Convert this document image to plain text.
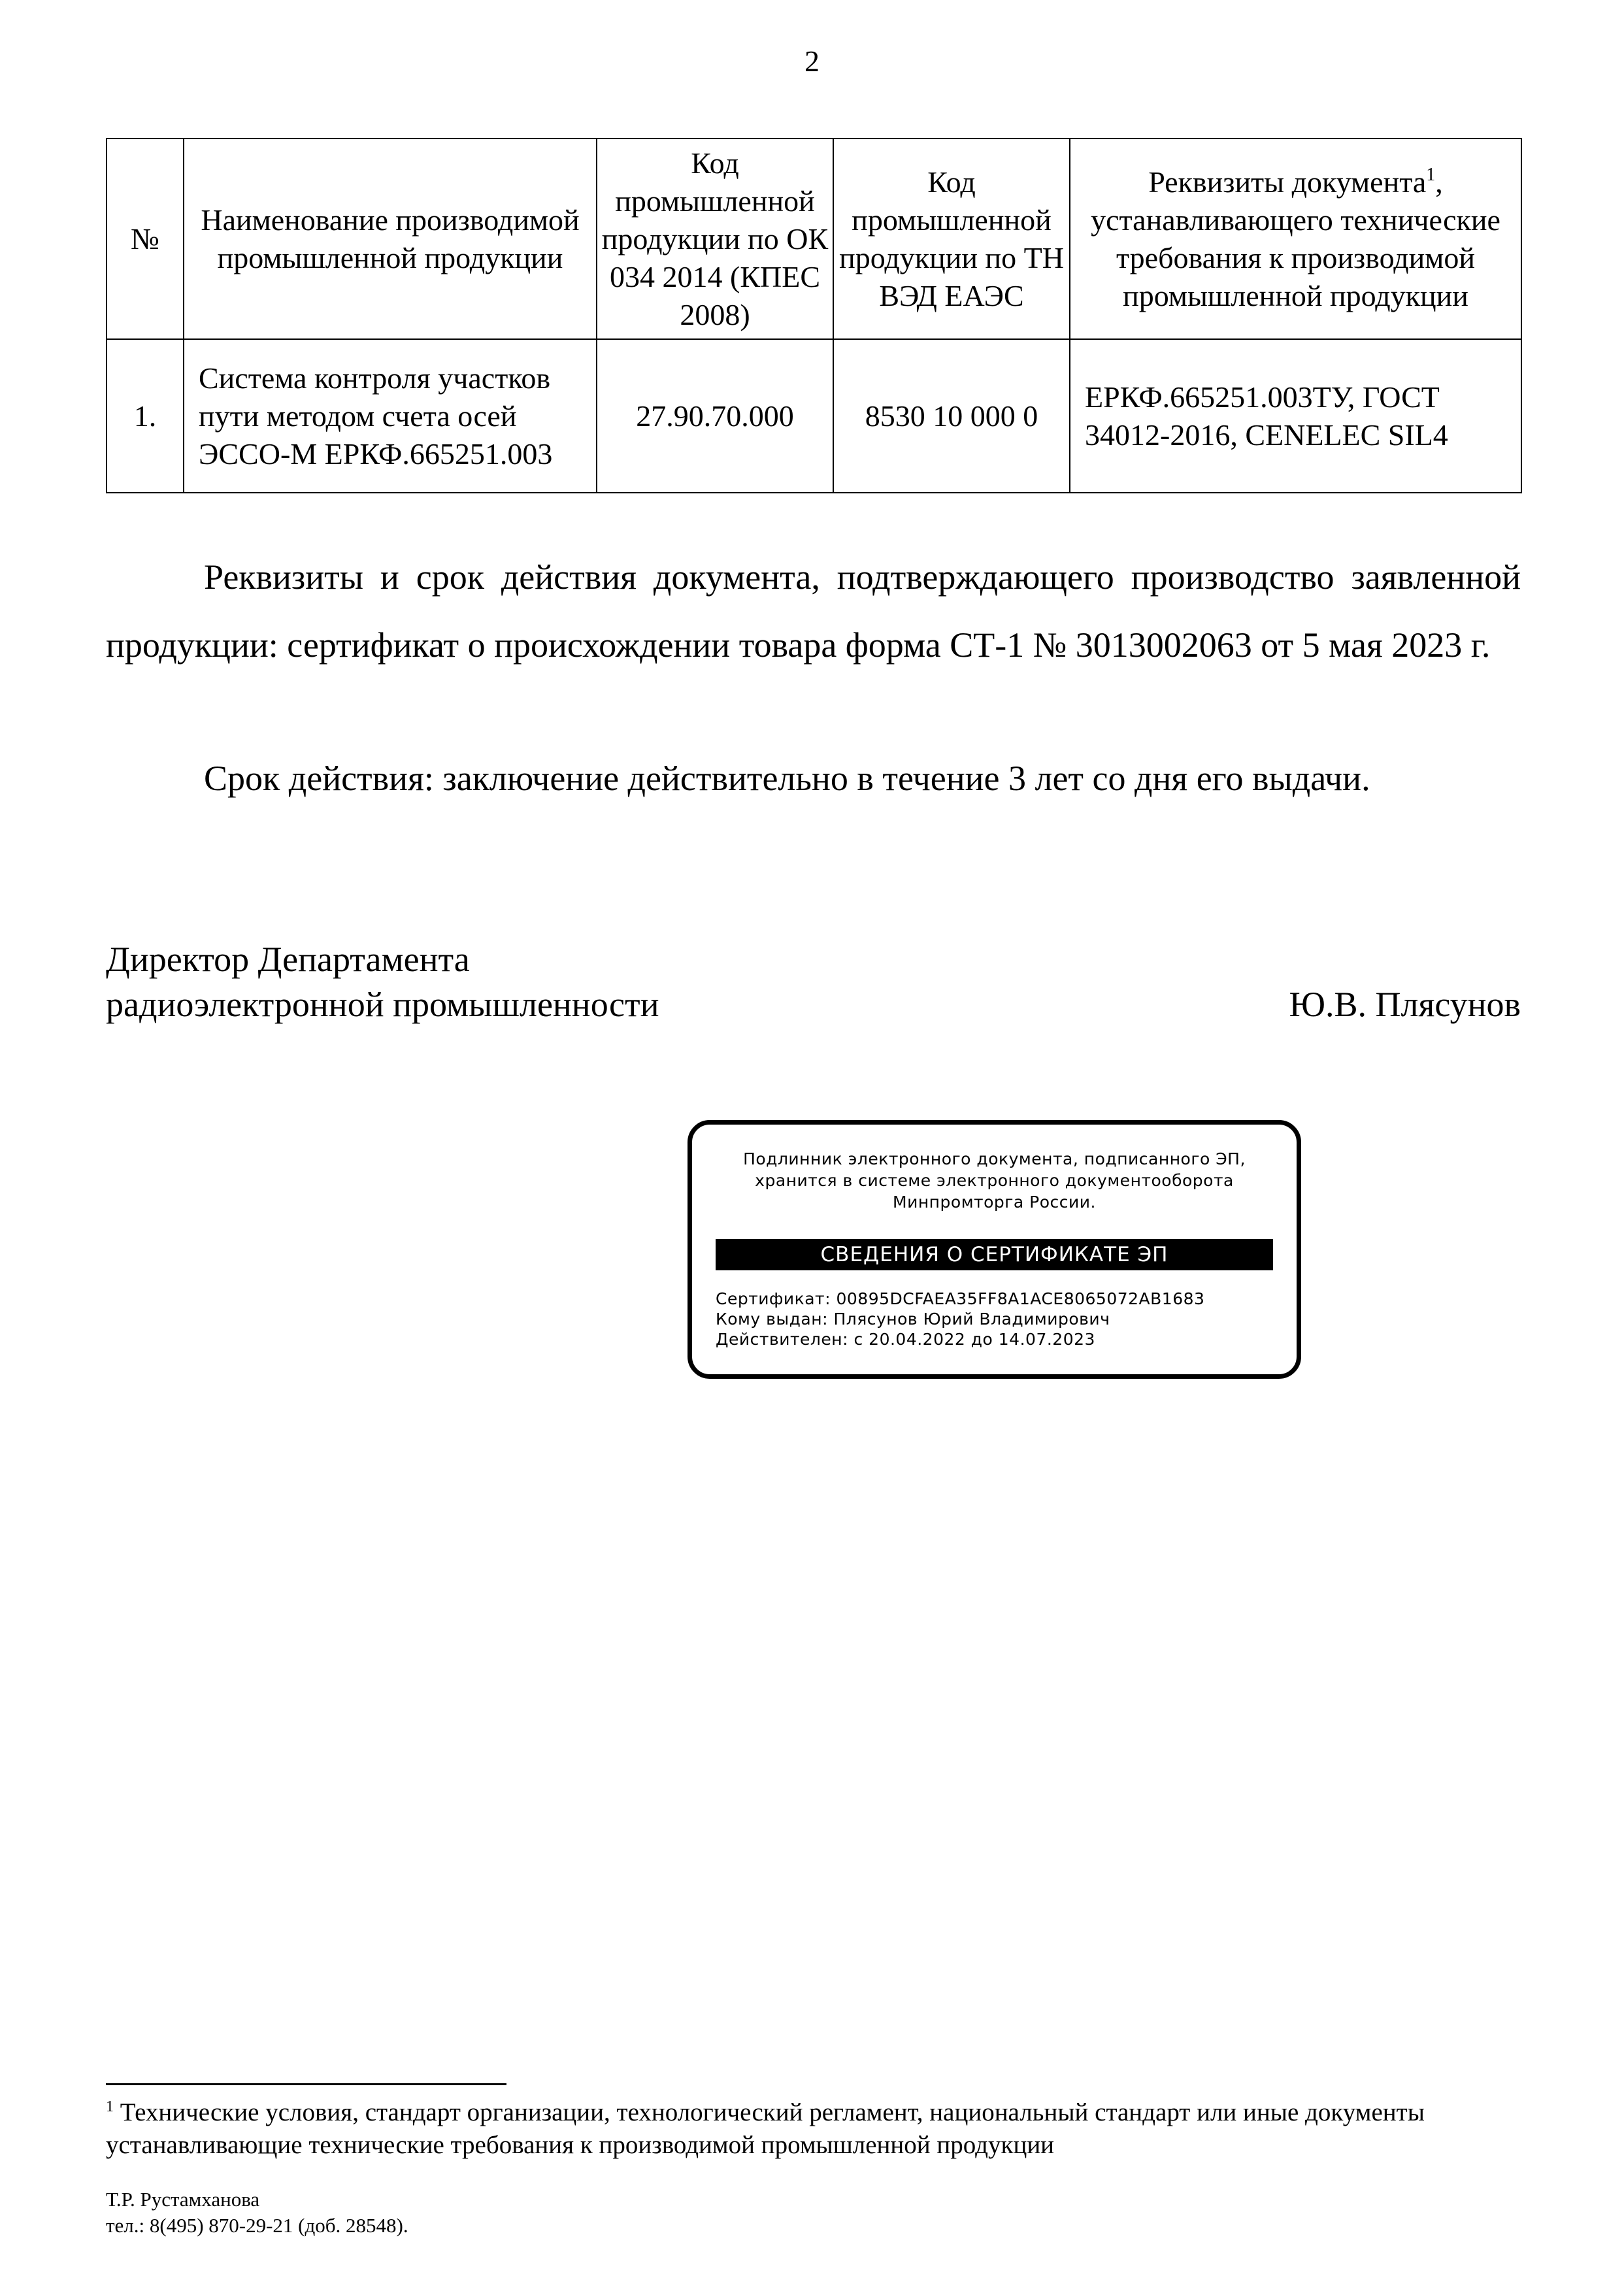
2
№	Наименование производимой промышленной продукции	Код промышленной продукции по ОК 034 2014 (КПЕС 2008)	Код промышленной продукции по ТН ВЭД ЕАЭС	Реквизиты документа$^1$, устанавливающего технические требования к производимой промышленной продукции
1.	Система контроля участков пути методом счета осей ЭССО-М ЕРКФ.665251.003	27.90.70.000	8530 10 000 0	ЕРКФ.665251.003ТУ, ГОСТ 34012-2016, CENELEC SIL4

Реквизиты и срок действия документа, подтверждающего производство заявленной продукции: сертификат о происхождении товара форма СТ-1 № 3013002063 от 5 мая 2023 г.

Срок действия: заключение действительно в течение 3 лет со дня его выдачи.

Директор Департамента
радиоэлектронной промышленности	Ю.В. Плясунов
Подлинник электронного документа, подписанного ЭП,
хранится в системе электронного документооборота
Минпромторга России.
СВЕДЕНИЯ О СЕРТИФИКАТЕ ЭП
Сертификат: 00895DCFAEA35FF8A1ACE8065072AB1683
Кому выдан: Плясунов Юрий Владимирович
Действителен: с 20.04.2022 до 14.07.2023
$^1$ Технические условия, стандарт организации, технологический регламент, национальный стандарт или иные документы устанавливающие технические требования к производимой промышленной продукции
Т.Р. Рустамханова
тел.: 8(495) 870-29-21 (доб. 28548).
